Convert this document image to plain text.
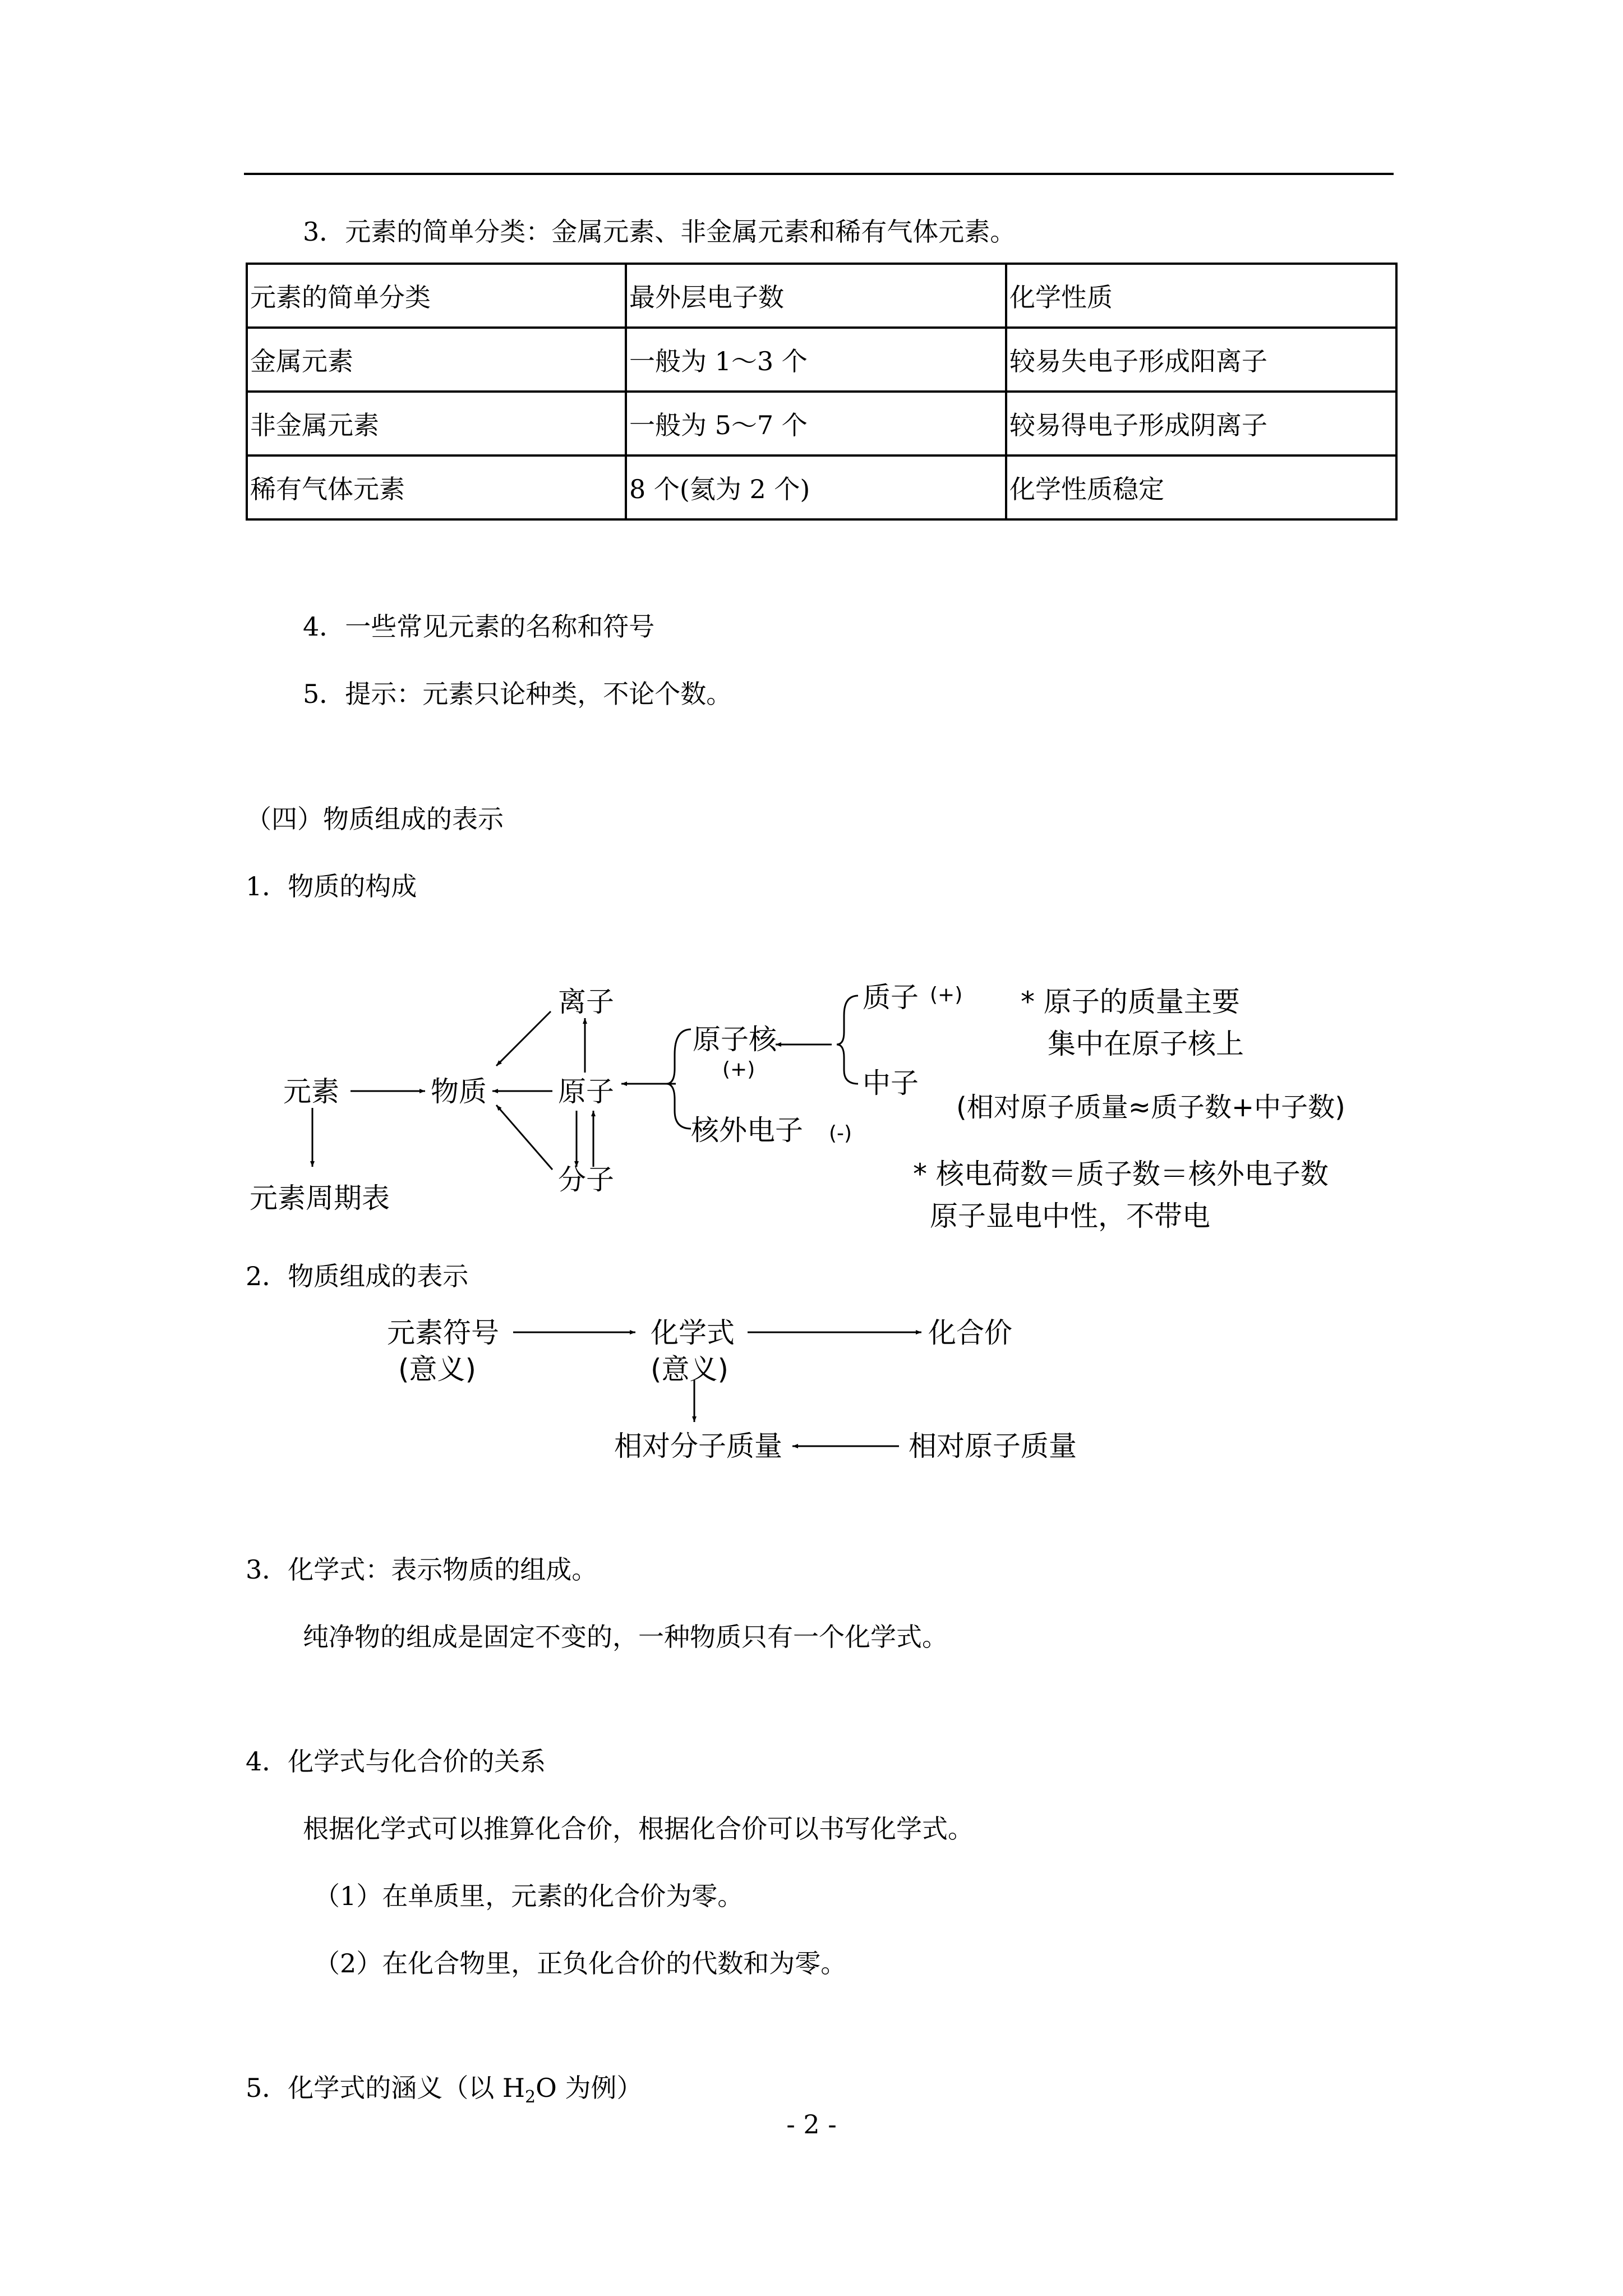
3．元素的简单分类：金属元素、非金属元素和稀有气体元素。
元素的简单分类	最外层电子数	化学性质
金属元素	一般为 1～3 个	较易失电子形成阳离子
非金属元素	一般为 5～7 个	较易得电子形成阴离子
稀有气体元素	8 个(氦为 2 个)	化学性质稳定
4．一些常见元素的名称和符号
5．提示：元素只论种类，不论个数。
（四）物质组成的表示
1．物质的构成
元素
元素周期表
物质
离子
原子
分子
原子核
(+)
核外电子 (-)
质子 (+)
中子
* 原子的质量主要
集中在原子核上
(相对原子质量≈质子数+中子数)
* 核电荷数＝质子数＝核外电子数
原子显电中性，不带电
元素符号
(意义)
化学式
(意义)
化合价
相对分子质量	相对原子质量
2．物质组成的表示
3．化学式：表示物质的组成。
纯净物的组成是固定不变的，一种物质只有一个化学式。
4．化学式与化合价的关系
根据化学式可以推算化合价，根据化合价可以书写化学式。
（1）在单质里，元素的化合价为零。
（2）在化合物里，正负化合价的代数和为零。
5．化学式的涵义（以 $H_2O$ 为例）
- 2 -
